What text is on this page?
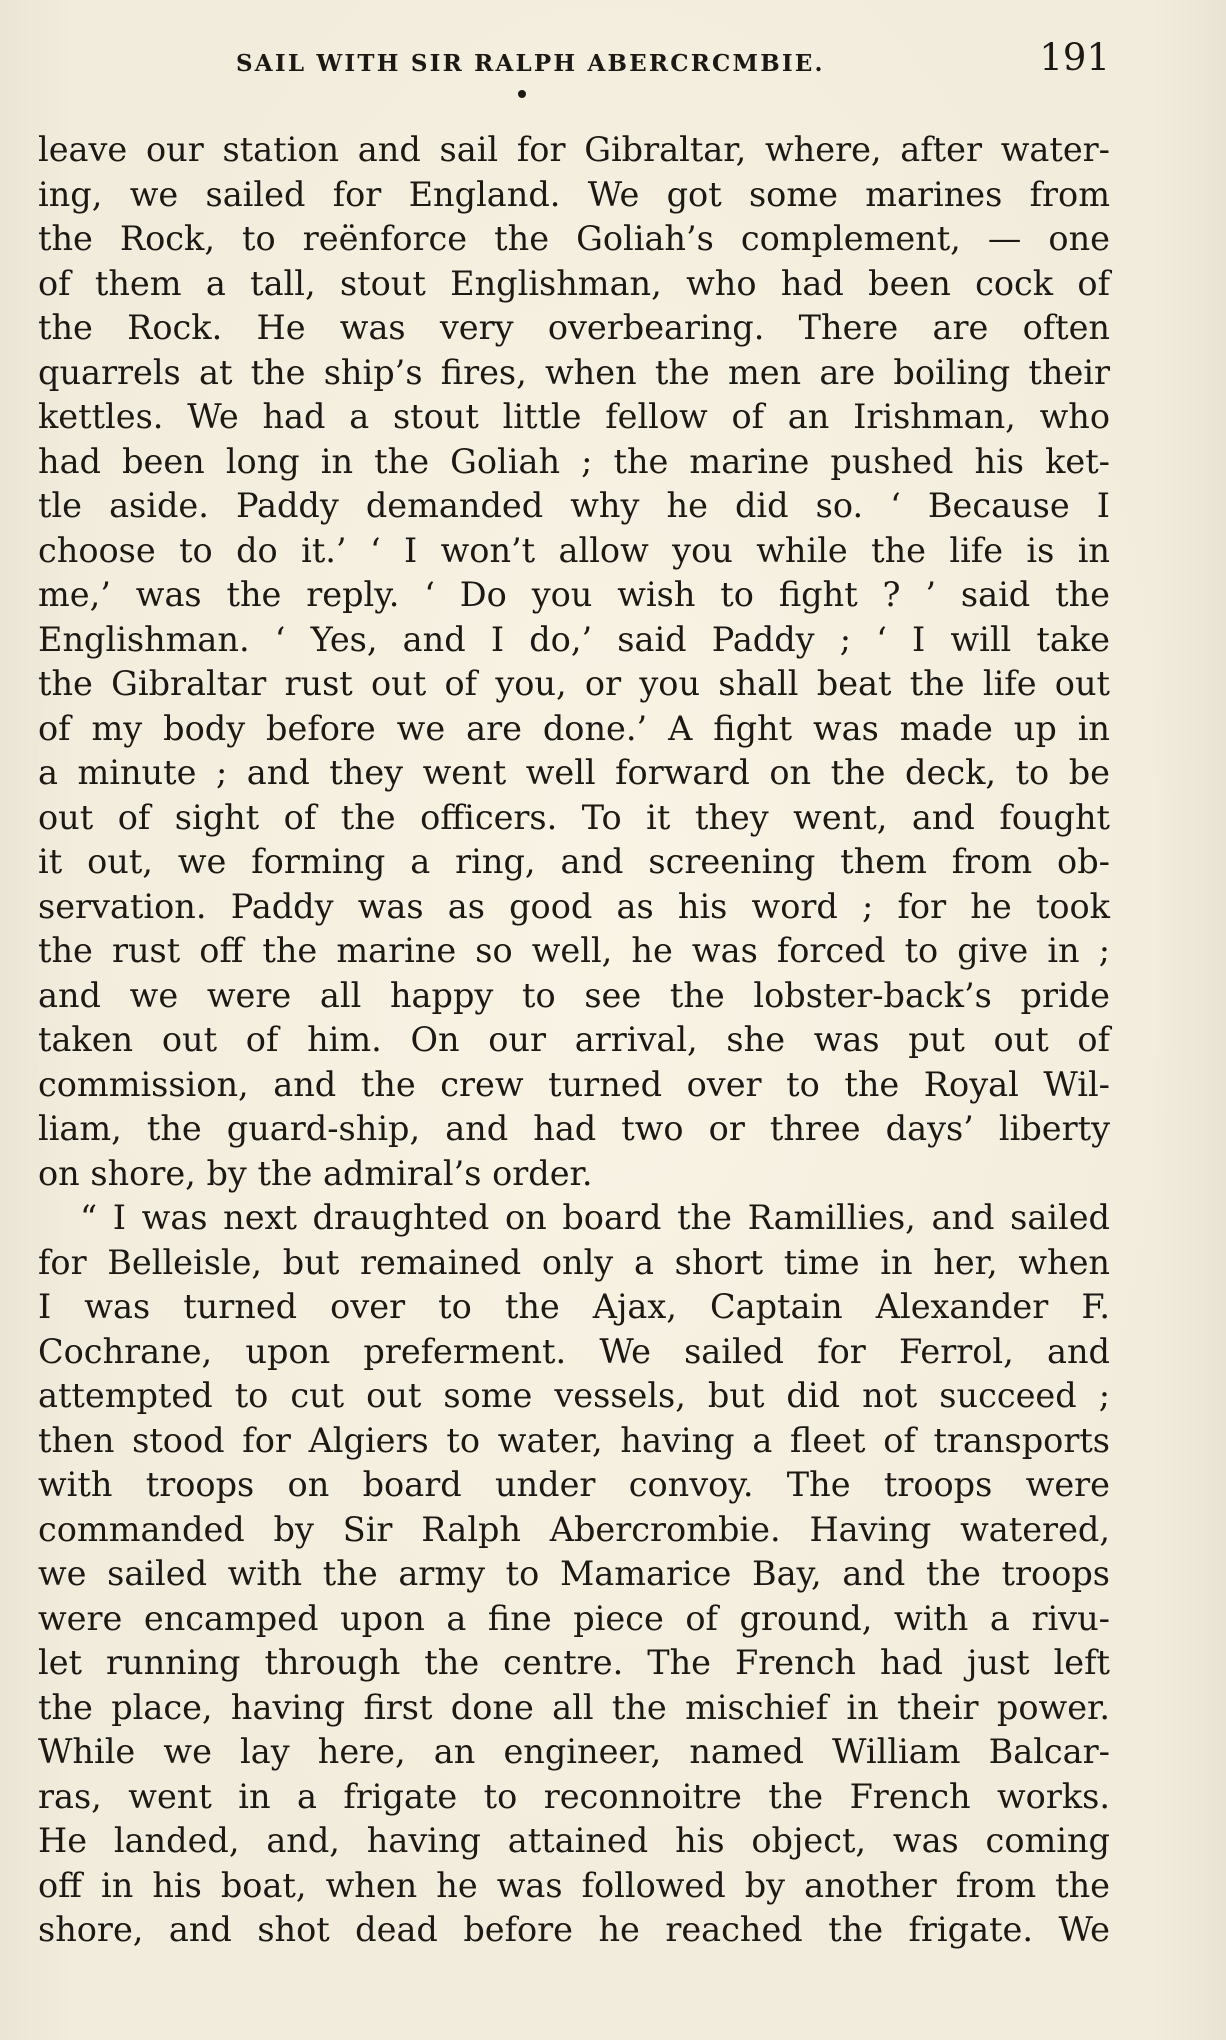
SAIL WITH SIR RALPH ABERCRCMBIE.	191
leave our station and sail for Gibraltar, where, after water-
ing, we sailed for England. We got some marines from
the Rock, to reënforce the Goliah’s complement, — one
of them a tall, stout Englishman, who had been cock of
the Rock. He was very overbearing. There are often
quarrels at the ship’s fires, when the men are boiling their
kettles. We had a stout little fellow of an Irishman, who
had been long in the Goliah ; the marine pushed his ket-
tle aside. Paddy demanded why he did so. ‘ Because I
choose to do it.’ ‘ I won’t allow you while the life is in
me,’ was the reply. ‘ Do you wish to fight ? ’ said the
Englishman. ‘ Yes, and I do,’ said Paddy ; ‘ I will take
the Gibraltar rust out of you, or you shall beat the life out
of my body before we are done.’ A fight was made up in
a minute ; and they went well forward on the deck, to be
out of sight of the officers. To it they went, and fought
it out, we forming a ring, and screening them from ob-
servation. Paddy was as good as his word ; for he took
the rust off the marine so well, he was forced to give in ;
and we were all happy to see the lobster-back’s pride
taken out of him. On our arrival, she was put out of
commission, and the crew turned over to the Royal Wil-
liam, the guard-ship, and had two or three days’ liberty
on shore, by the admiral’s order.
“ I was next draughted on board the Ramillies, and sailed
for Belleisle, but remained only a short time in her, when
I was turned over to the Ajax, Captain Alexander F.
Cochrane, upon preferment. We sailed for Ferrol, and
attempted to cut out some vessels, but did not succeed ;
then stood for Algiers to water, having a fleet of transports
with troops on board under convoy. The troops were
commanded by Sir Ralph Abercrombie. Having watered,
we sailed with the army to Mamarice Bay, and the troops
were encamped upon a fine piece of ground, with a rivu-
let running through the centre. The French had just left
the place, having first done all the mischief in their power.
While we lay here, an engineer, named William Balcar-
ras, went in a frigate to reconnoitre the French works.
He landed, and, having attained his object, was coming
off in his boat, when he was followed by another from the
shore, and shot dead before he reached the frigate. We
